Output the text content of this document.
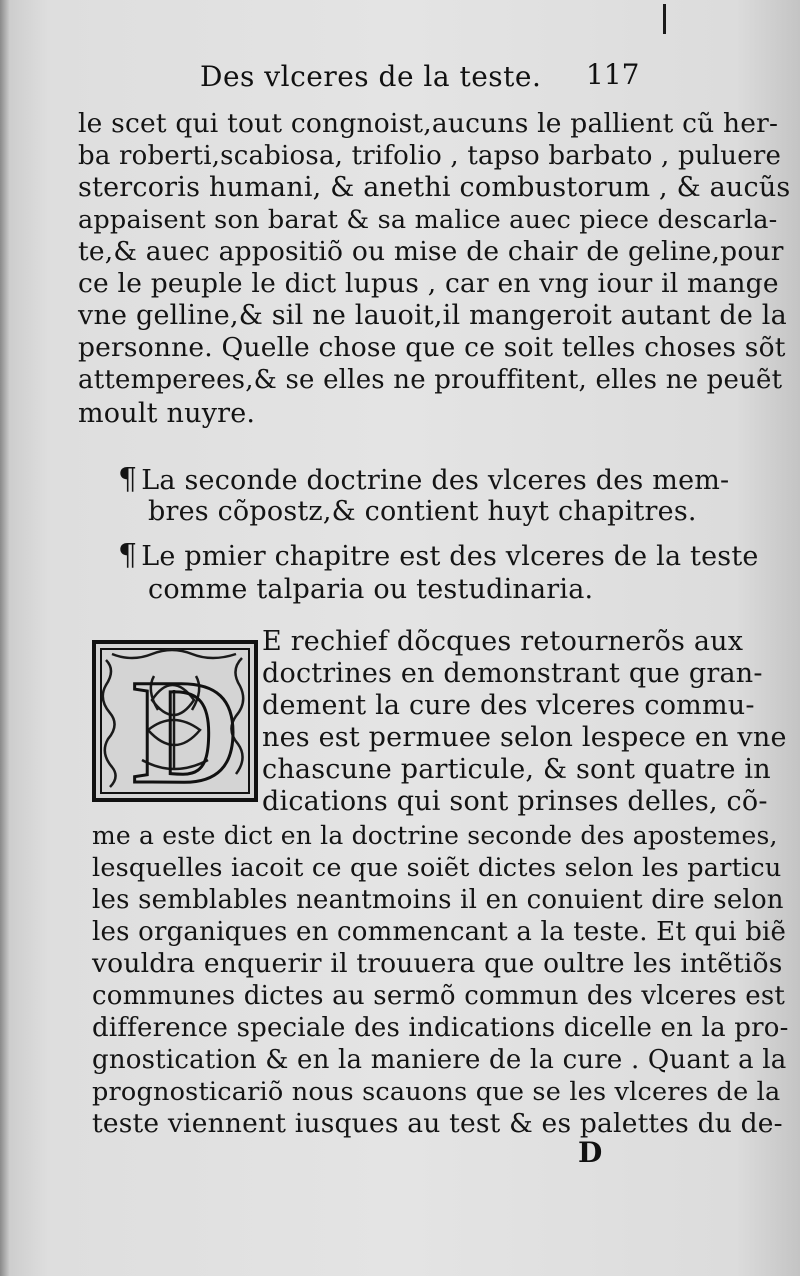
Des vlceres de la teste. 117
le scet qui tout congnoist,aucuns le pallient cũ her-
ba roberti,scabiosa, trifolio , tapso barbato , puluere
stercoris humani, & anethi combustorum , & aucũs
appaisent son barat & sa malice auec piece descarla-
te,& auec appositiõ ou mise de chair de geline,pour
ce le peuple le dict lupus , car en vng iour il mange
vne gelline,& sil ne lauoit,il mangeroit autant de la
personne. Quelle chose que ce soit telles choses sõt
attemperees,& se elles ne prouffitent, elles ne peuẽt
moult nuyre.
¶ La seconde doctrine des vlceres des mem-
bres cõpostz,& contient huyt chapitres.
¶ Le pmier chapitre est des vlceres de la teste
comme talparia ou testudinaria.
D
E rechief dõcques retournerõs aux
doctrines en demonstrant que gran-
dement la cure des vlceres commu-
nes est permuee selon lespece en vne
chascune particule, & sont quatre in
dications qui sont prinses delles, cõ-
me a este dict en la doctrine seconde des apostemes,
lesquelles iacoit ce que soiẽt dictes selon les particu
les semblables neantmoins il en conuient dire selon
les organiques en commencant a la teste. Et qui biẽ
vouldra enquerir il trouuera que oultre les intẽtiõs
communes dictes au sermõ commun des vlceres est
difference speciale des indications dicelle en la pro-
gnostication & en la maniere de la cure . Quant a la
prognosticariõ nous scauons que se les vlceres de la
teste viennent iusques au test & es palettes du de-
D
